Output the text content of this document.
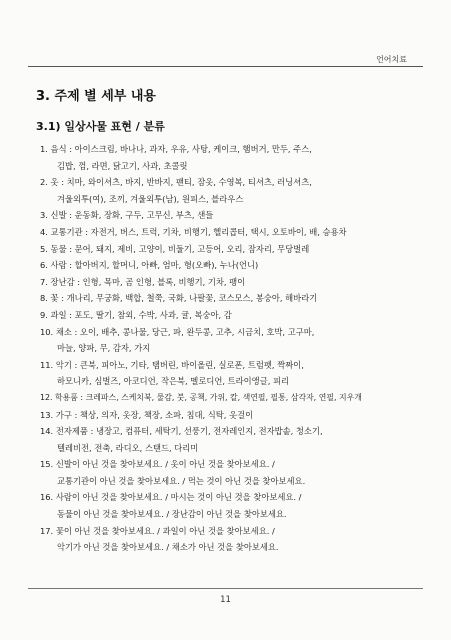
언어치료
3. 주제 별 세부 내용
3.1) 일상사물 표현 / 분류
1. 음식 : 아이스크림, 바나나, 과자, 우유, 사탕, 케이크, 햄버거, 만두, 주스,
김밥, 껌, 라면, 닭고기, 사과, 초콜릿
2. 옷 : 치마, 와이셔츠, 바지, 반바지, 팬티, 잠옷, 수영복, 티셔츠, 러닝셔츠,
겨울외투(여), 조끼, 겨울외투(남), 원피스, 블라우스
3. 신발 : 운동화, 장화, 구두, 고무신, 부츠, 샌들
4. 교통기관 : 자전거, 버스, 트럭, 기차, 비행기, 헬리콥터, 택시, 오토바이, 배, 승용차
5. 동물 : 문어, 돼지, 제비, 고양이, 비둘기, 고등어, 오리, 잠자리, 무당벌레
6. 사람 : 할아버지, 할머니, 아빠, 엄마, 형(오빠), 누나(언니)
7. 장난감 : 인형, 목마, 곰 인형, 블록, 비행기, 기차, 팽이
8. 꽃 : 개나리, 무궁화, 백합, 철쭉, 국화, 나팔꽃, 코스모스, 봉숭아, 해바라기
9. 과일 : 포도, 딸기, 참외, 수박, 사과, 귤, 복숭아, 감
10. 채소 : 오이, 배추, 콩나물, 당근, 파, 완두콩, 고추, 시금치, 호박, 고구마,
마늘, 양파, 무, 감자, 가지
11. 악기 : 큰북, 피아노, 기타, 탬버린, 바이올린, 실로폰, 트럼펫, 짝짜이,
하모니카, 심벌즈, 아코디언, 작은북, 멜로디언, 트라이앵글, 피리
12. 학용품 : 크레파스, 스케치북, 물감, 붓, 공책, 가위, 칼, 색연필, 필통, 삼각자, 연필, 지우개
13. 가구 : 책상, 의자, 옷장, 책장, 소파, 침대, 식탁, 옷걸이
14. 전자제품 : 냉장고, 컴퓨터, 세탁기, 선풍기, 전자레인지, 전자밥솥, 청소기,
텔레비전, 전축, 라디오, 스탠드, 다리미
15. 신발이 아닌 것을 찾아보세요. / 옷이 아닌 것을 찾아보세요. /
교통기관이 아닌 것을 찾아보세요. / 먹는 것이 아닌 것을 찾아보세요.
16. 사람이 아닌 것을 찾아보세요. / 마시는 것이 아닌 것을 찾아보세요. /
동물이 아닌 것을 찾아보세요. / 장난감이 아닌 것을 찾아보세요.
17. 꽃이 아닌 것을 찾아보세요. / 과일이 아닌 것을 찾아보세요. /
악기가 아닌 것을 찾아보세요. / 채소가 아닌 것을 찾아보세요.
11
